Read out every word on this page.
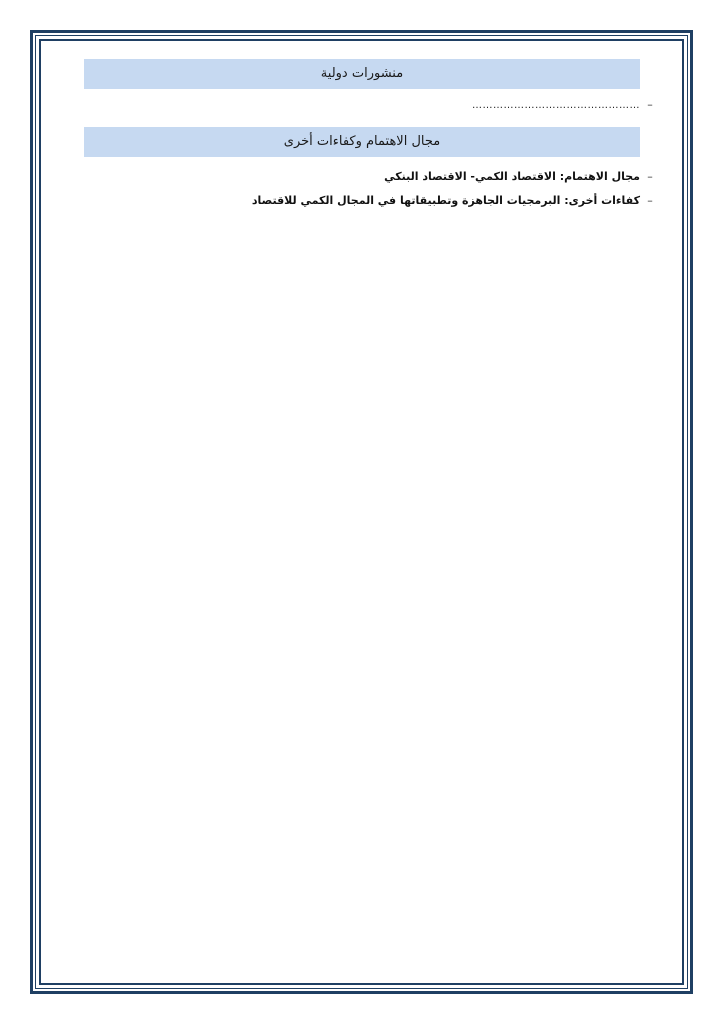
منشورات دولية
–
…………………………………………
مجال الاهتمام وكفاءات أخرى
–
مجال الاهتمام: الاقتصاد الكمي- الاقتصاد البنكي
–
كفاءات أخرى: البرمجيات الجاهزة وتطبيقاتها في المجال الكمي للاقتصاد
